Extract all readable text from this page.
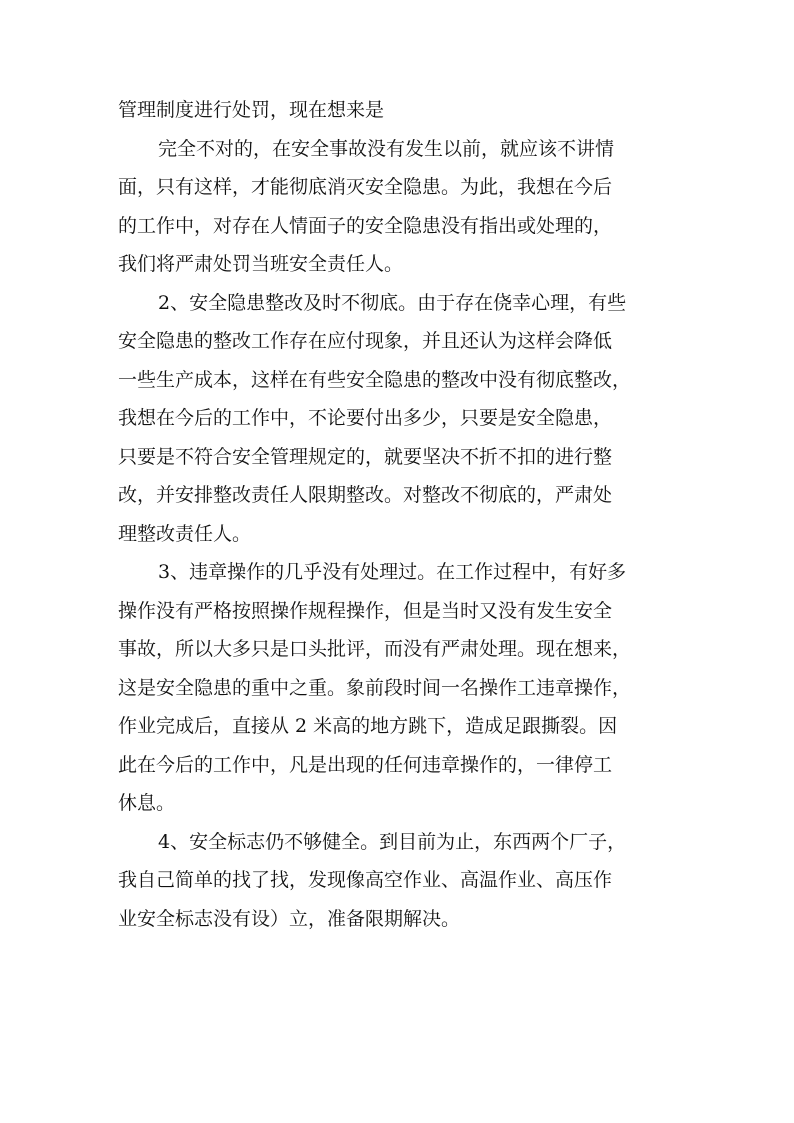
管理制度进行处罚，现在想来是
完全不对的，在安全事故没有发生以前，就应该不讲情
面，只有这样，才能彻底消灭安全隐患。为此，我想在今后
的工作中，对存在人情面子的安全隐患没有指出或处理的，
我们将严肃处罚当班安全责任人。
2、安全隐患整改及时不彻底。由于存在侥幸心理，有些
安全隐患的整改工作存在应付现象，并且还认为这样会降低
一些生产成本，这样在有些安全隐患的整改中没有彻底整改，
我想在今后的工作中，不论要付出多少，只要是安全隐患，
只要是不符合安全管理规定的，就要坚决不折不扣的进行整
改，并安排整改责任人限期整改。对整改不彻底的，严肃处
理整改责任人。
3、违章操作的几乎没有处理过。在工作过程中，有好多
操作没有严格按照操作规程操作，但是当时又没有发生安全
事故，所以大多只是口头批评，而没有严肃处理。现在想来，
这是安全隐患的重中之重。象前段时间一名操作工违章操作，
作业完成后，直接从 2 米高的地方跳下，造成足跟撕裂。因
此在今后的工作中，凡是出现的任何违章操作的，一律停工
休息。
4、安全标志仍不够健全。到目前为止，东西两个厂子，
我自己简单的找了找，发现像高空作业、高温作业、高压作
业安全标志没有设）立，准备限期解决。
